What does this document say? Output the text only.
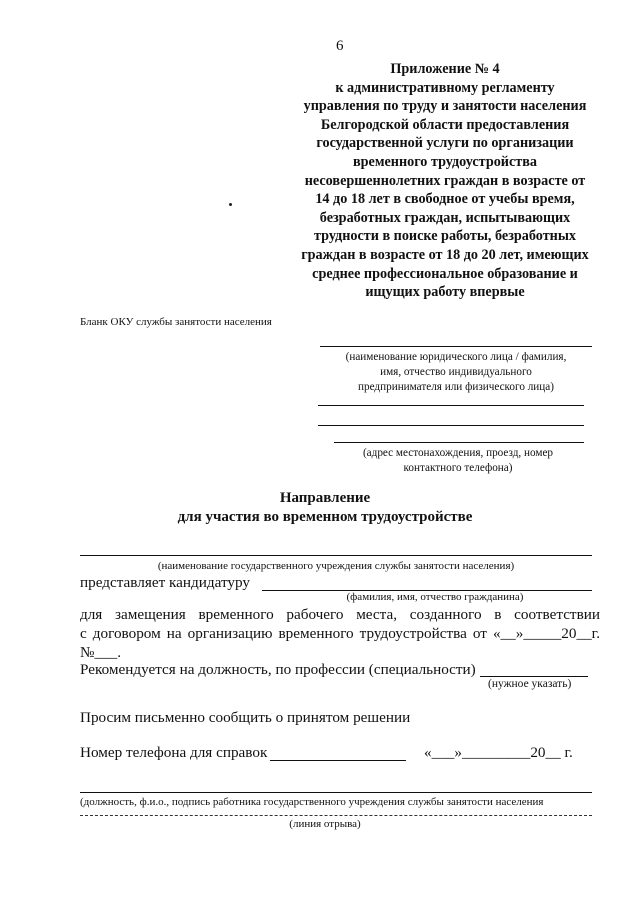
6
Приложение № 4
к административному регламенту
управления по труду и занятости населения
Белгородской области предоставления
государственной услуги по организации
временного трудоустройства
несовершеннолетних граждан в возрасте от
14 до 18 лет в свободное от учебы время,
безработных граждан, испытывающих
трудности в поиске работы, безработных
граждан в возрасте от 18 до 20 лет, имеющих
среднее профессиональное образование и
ищущих работу впервые
Бланк ОКУ службы занятости населения
(наименование юридического лица / фамилия,
имя, отчество индивидуального
предпринимателя или физического лица)
(адрес местонахождения, проезд, номер
контактного телефона)
Направление
для участия во временном трудоустройстве
(наименование государственного учреждения службы занятости населения)
представляет кандидатуру
(фамилия, имя, отчество гражданина)
для замещения временного рабочего места, созданного в соответствии
с договором на организацию временного трудоустройства от «__»_____20__г.
№___.
Рекомендуется на должность, по профессии (специальности)
(нужное указать)
Просим письменно сообщить о принятом решении
Номер телефона для справок	«___»_________20__ г.
(должность, ф.и.о., подпись работника государственного учреждения службы занятости населения
(линия отрыва)
